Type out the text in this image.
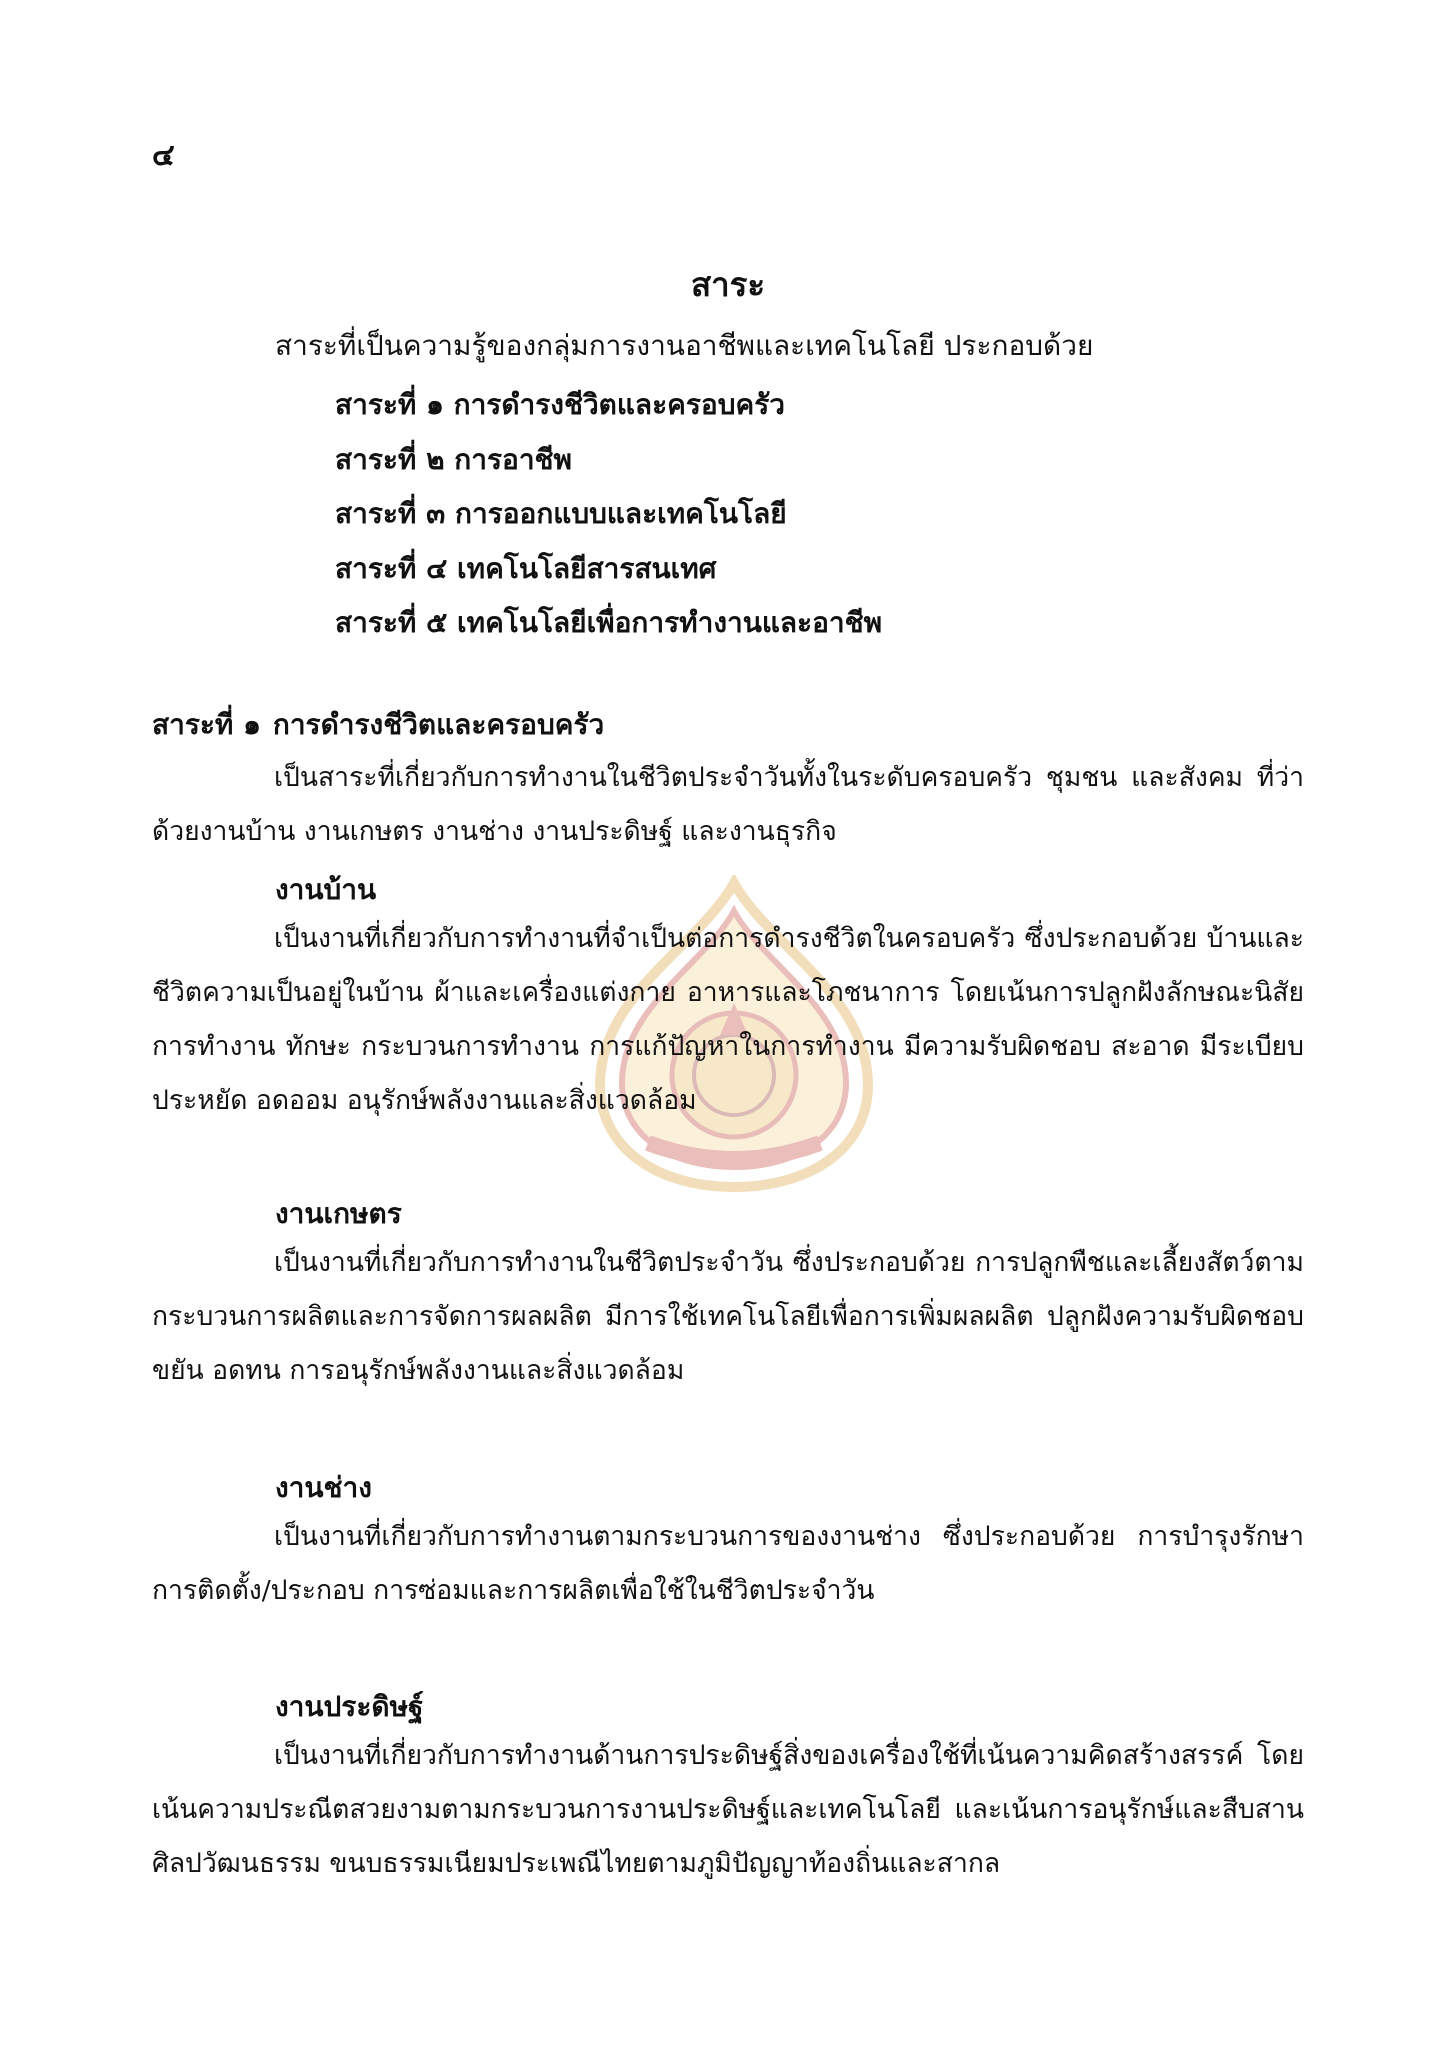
๔
สาระ
สาระที่เป็นความรู้ของกลุ่มการงานอาชีพและเทคโนโลยี ประกอบด้วย
สาระที่ ๑ การดำรงชีวิตและครอบครัว
สาระที่ ๒ การอาชีพ
สาระที่ ๓ การออกแบบและเทคโนโลยี
สาระที่ ๔ เทคโนโลยีสารสนเทศ
สาระที่ ๕ เทคโนโลยีเพื่อการทำงานและอาชีพ
สาระที่ ๑ การดำรงชีวิตและครอบครัว

เป็นสาระที่เกี่ยวกับการทำงานในชีวิตประจำวันทั้งในระดับครอบครัว ชุมชน และสังคม ที่ว่าด้วยงานบ้าน งานเกษตร งานช่าง งานประดิษฐ์ และงานธุรกิจ

งานบ้าน

เป็นงานที่เกี่ยวกับการทำงานที่จำเป็นต่อการดำรงชีวิตในครอบครัว ซึ่งประกอบด้วย บ้านและชีวิตความเป็นอยู่ในบ้าน ผ้าและเครื่องแต่งกาย อาหารและโภชนาการ โดยเน้นการปลูกฝังลักษณะนิสัยการทำงาน ทักษะ กระบวนการทำงาน การแก้ปัญหาในการทำงาน มีความรับผิดชอบ สะอาด มีระเบียบ ประหยัด อดออม อนุรักษ์พลังงานและสิ่งแวดล้อม

งานเกษตร

เป็นงานที่เกี่ยวกับการทำงานในชีวิตประจำวัน ซึ่งประกอบด้วย การปลูกพืชและเลี้ยงสัตว์ตามกระบวนการผลิตและการจัดการผลผลิต มีการใช้เทคโนโลยีเพื่อการเพิ่มผลผลิต ปลูกฝังความรับผิดชอบ ขยัน อดทน การอนุรักษ์พลังงานและสิ่งแวดล้อม

งานช่าง

เป็นงานที่เกี่ยวกับการทำงานตามกระบวนการของงานช่าง ซึ่งประกอบด้วย การบำรุงรักษา การติดตั้ง/ประกอบ การซ่อมและการผลิตเพื่อใช้ในชีวิตประจำวัน

งานประดิษฐ์

เป็นงานที่เกี่ยวกับการทำงานด้านการประดิษฐ์สิ่งของเครื่องใช้ที่เน้นความคิดสร้างสรรค์ โดยเน้นความประณีตสวยงามตามกระบวนการงานประดิษฐ์และเทคโนโลยี และเน้นการอนุรักษ์และสืบสานศิลปวัฒนธรรม ขนบธรรมเนียมประเพณีไทยตามภูมิปัญญาท้องถิ่นและสากล
